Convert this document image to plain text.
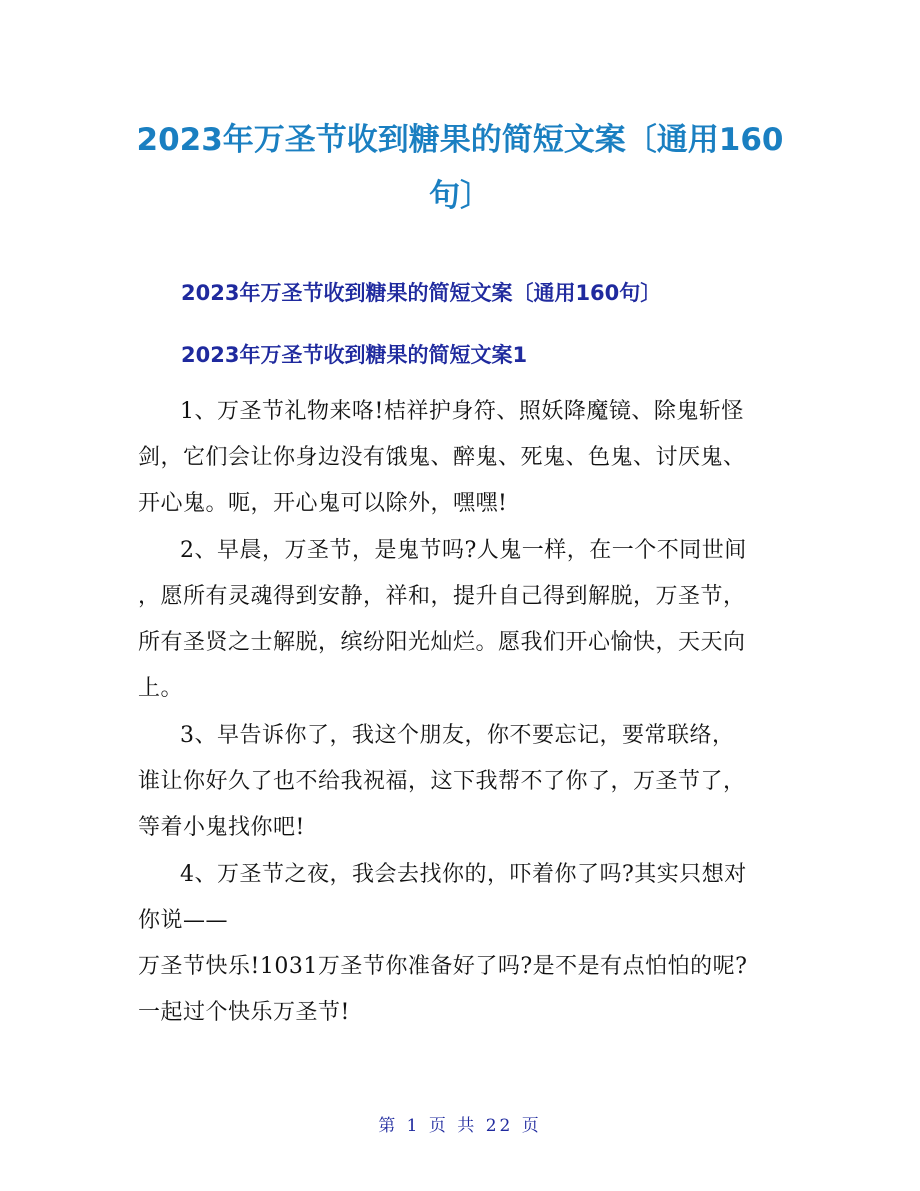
2023年万圣节收到糖果的简短文案〔通用160
句〕
2023年万圣节收到糖果的简短文案〔通用160句〕
2023年万圣节收到糖果的简短文案1
1、万圣节礼物来咯!桔祥护身符、照妖降魔镜、除鬼斩怪
剑，它们会让你身边没有饿鬼、醉鬼、死鬼、色鬼、讨厌鬼、
开心鬼。呃，开心鬼可以除外，嘿嘿!
2、早晨，万圣节，是鬼节吗?人鬼一样，在一个不同世间
，愿所有灵魂得到安静，祥和，提升自己得到解脱，万圣节，
所有圣贤之士解脱，缤纷阳光灿烂。愿我们开心愉快，天天向
上。
3、早告诉你了，我这个朋友，你不要忘记，要常联络，
谁让你好久了也不给我祝福，这下我帮不了你了，万圣节了，
等着小鬼找你吧!
4、万圣节之夜，我会去找你的，吓着你了吗?其实只想对
你说——
万圣节快乐!1031万圣节你准备好了吗?是不是有点怕怕的呢?
一起过个快乐万圣节!
第 1 页 共 22 页
